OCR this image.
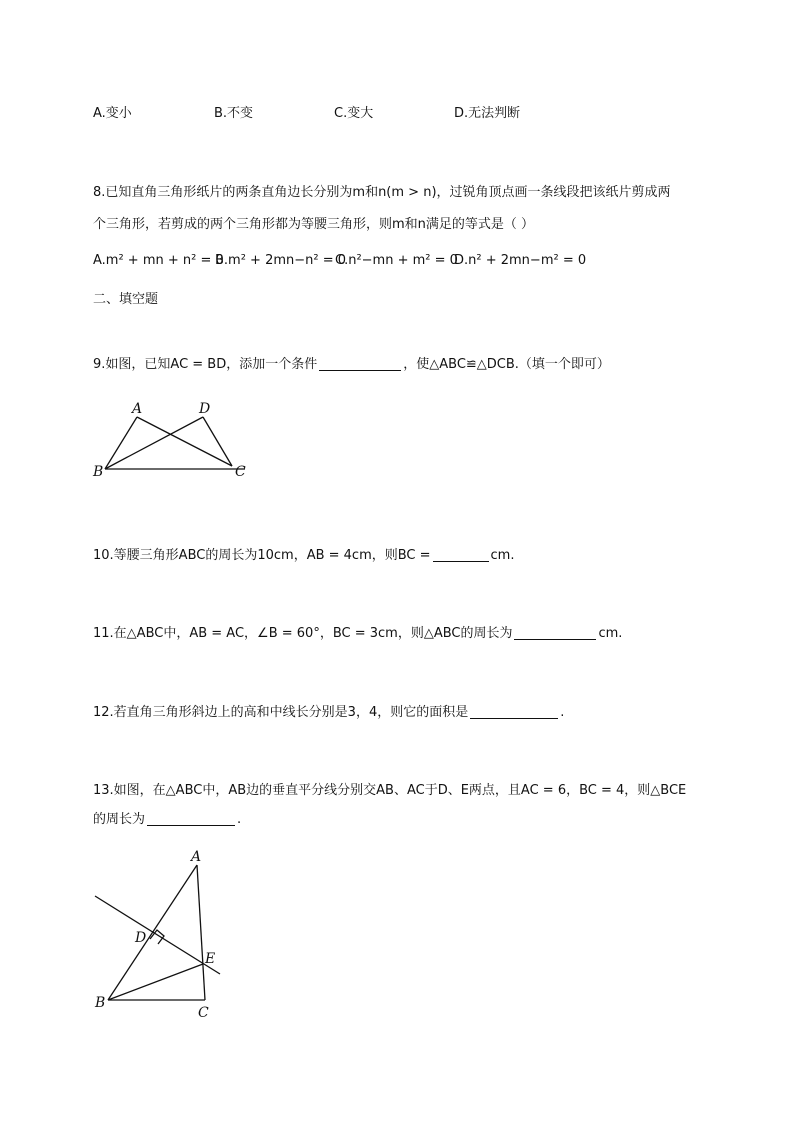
A.变小	B.不变	C.变大	D.无法判断
8.已知直角三角形纸片的两条直角边长分别为m和n(m > n)，过锐角顶点画一条线段把该纸片剪成两
个三角形，若剪成的两个三角形都为等腰三角形，则m和n满足的等式是（ ）
A.m² + mn + n² = 0
B.m² + 2mn−n² = 0
C.n²−mn + m² = 0
D.n² + 2mn−m² = 0
二、填空题
9.如图，已知AC = BD，添加一个条件	，使△ABC≌△DCB.（填一个即可）
A	D
B	C
10.等腰三角形ABC的周长为10cm，AB = 4cm，则BC =	cm.
11.在△ABC中，AB = AC，∠B = 60°，BC = 3cm，则△ABC的周长为	cm.
12.若直角三角形斜边上的高和中线长分别是3，4，则它的面积是	.
13.如图，在△ABC中，AB边的垂直平分线分别交AB、AC于D、E两点，且AC = 6，BC = 4，则△BCE
的周长为	.
A
D
E
B
C
